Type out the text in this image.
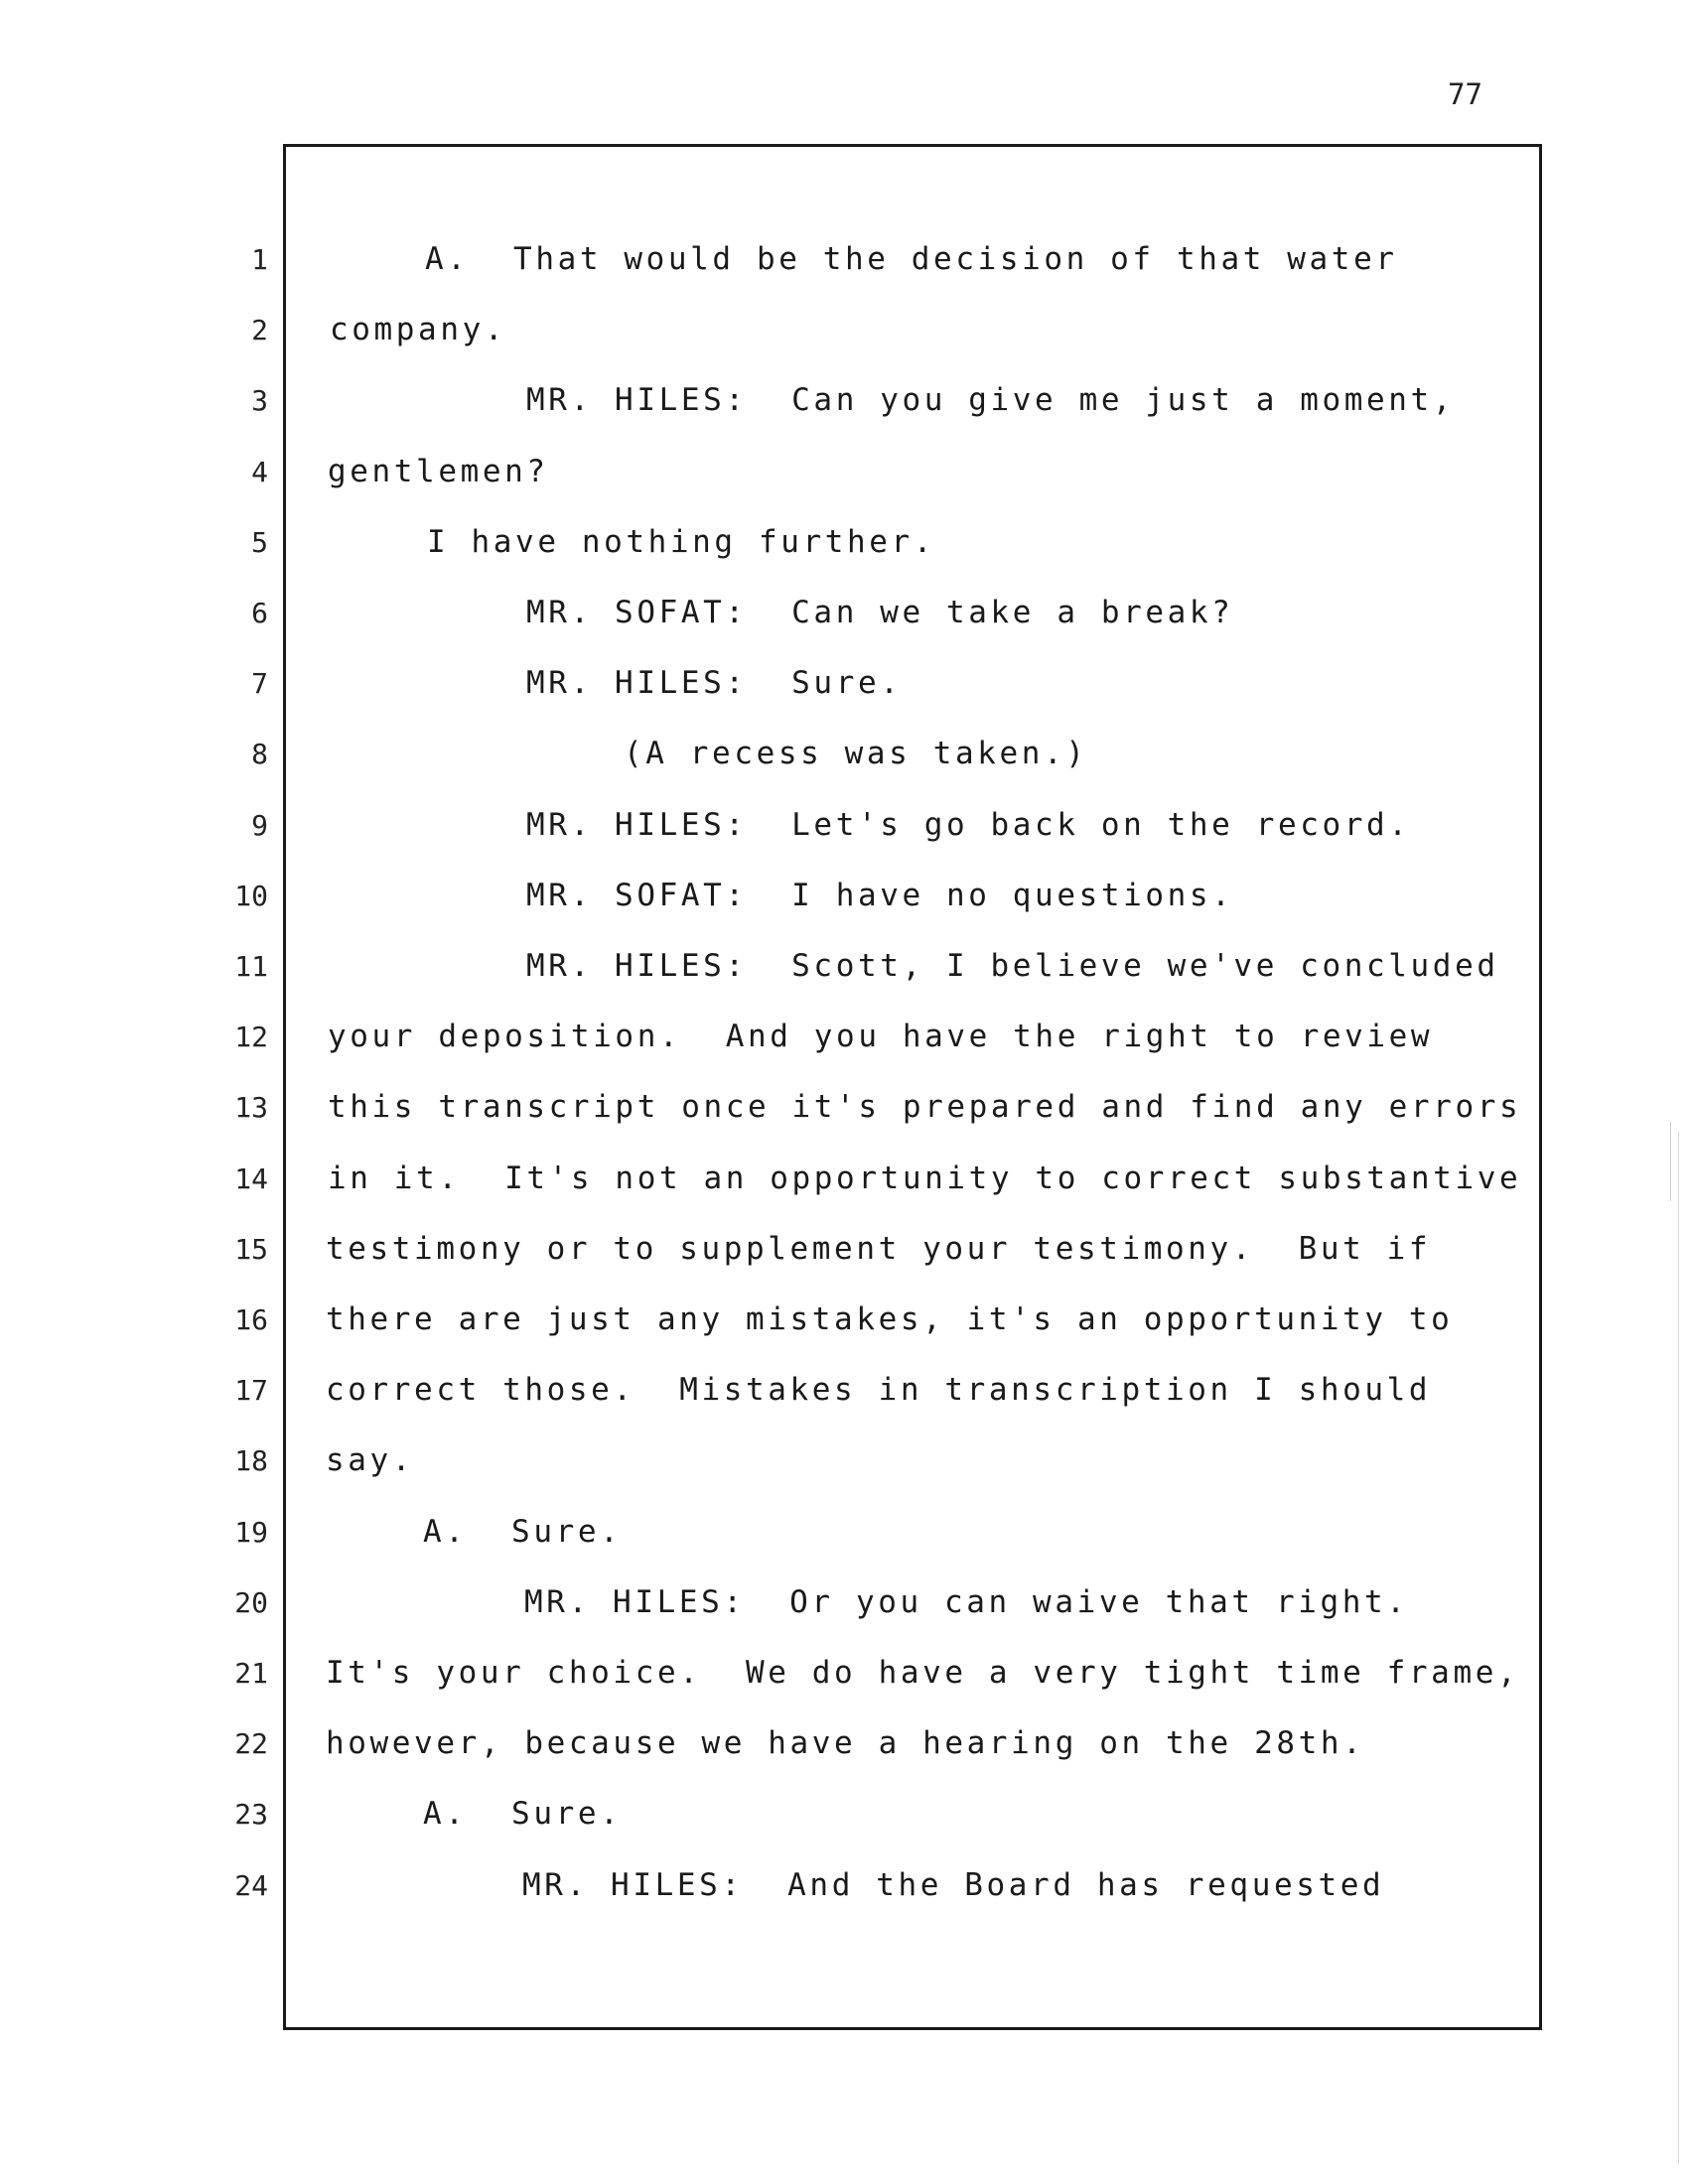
77
1	A.  That would be the decision of that water
2 company.
3	MR. HILES:  Can you give me just a moment,
4 gentlemen?
5	I have nothing further.
6	MR. SOFAT:  Can we take a break?
7	MR. HILES:  Sure.
8	(A recess was taken.)
9	MR. HILES:  Let's go back on the record.
10	MR. SOFAT:  I have no questions.
11	MR. HILES:  Scott, I believe we've concluded
12 your deposition.  And you have the right to review
13 this transcript once it's prepared and find any errors
14 in it.  It's not an opportunity to correct substantive
15 testimony or to supplement your testimony.  But if
16 there are just any mistakes, it's an opportunity to
17 correct those.  Mistakes in transcription I should
18 say.
19	A.  Sure.
20	MR. HILES:  Or you can waive that right.
21 It's your choice.  We do have a very tight time frame,
22 however, because we have a hearing on the 28th.
23	A.  Sure.
24	MR. HILES:  And the Board has requested
